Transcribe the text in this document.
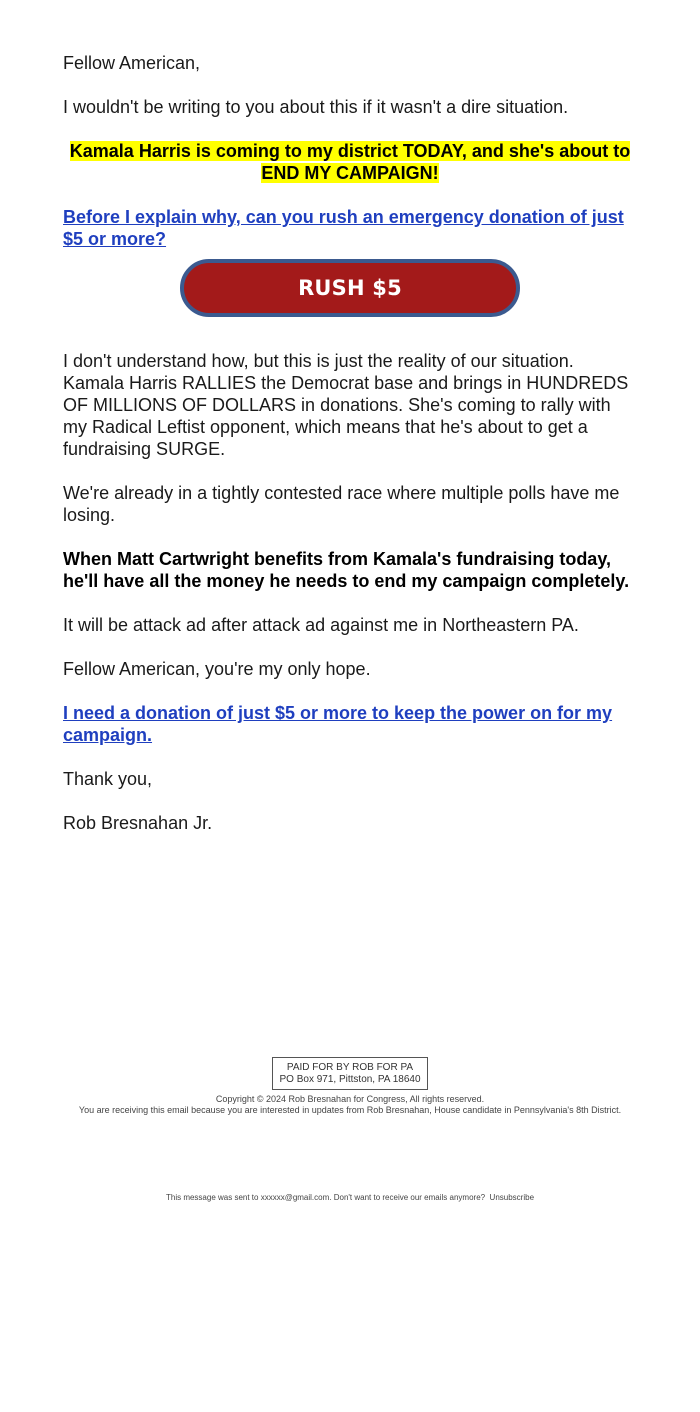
Fellow American,

I wouldn't be writing to you about this if it wasn't a dire situation.

Kamala Harris is coming to my district TODAY, and she's about to
END MY CAMPAIGN!

Before I explain why, can you rush an emergency donation of just $5 or more?

RUSH $5

I don't understand how, but this is just the reality of our situation. Kamala Harris RALLIES the Democrat base and brings in HUNDREDS OF MILLIONS OF DOLLARS in donations. She's coming to rally with my Radical Leftist opponent, which means that he's about to get a fundraising SURGE.

We're already in a tightly contested race where multiple polls have me losing.

When Matt Cartwright benefits from Kamala's fundraising today, he'll have all the money he needs to end my campaign completely.

It will be attack ad after attack ad against me in Northeastern PA.

Fellow American, you're my only hope.

I need a donation of just $5 or more to keep the power on for my campaign.

Thank you,

Rob Bresnahan Jr.

PAID FOR BY ROB FOR PA
PO Box 971, Pittston, PA 18640
Copyright © 2024 Rob Bresnahan for Congress, All rights reserved.
You are receiving this email because you are interested in updates from Rob Bresnahan, House candidate in Pennsylvania's 8th District.
This message was sent to xxxxxx@gmail.com. Don't want to receive our emails anymore? Unsubscribe
